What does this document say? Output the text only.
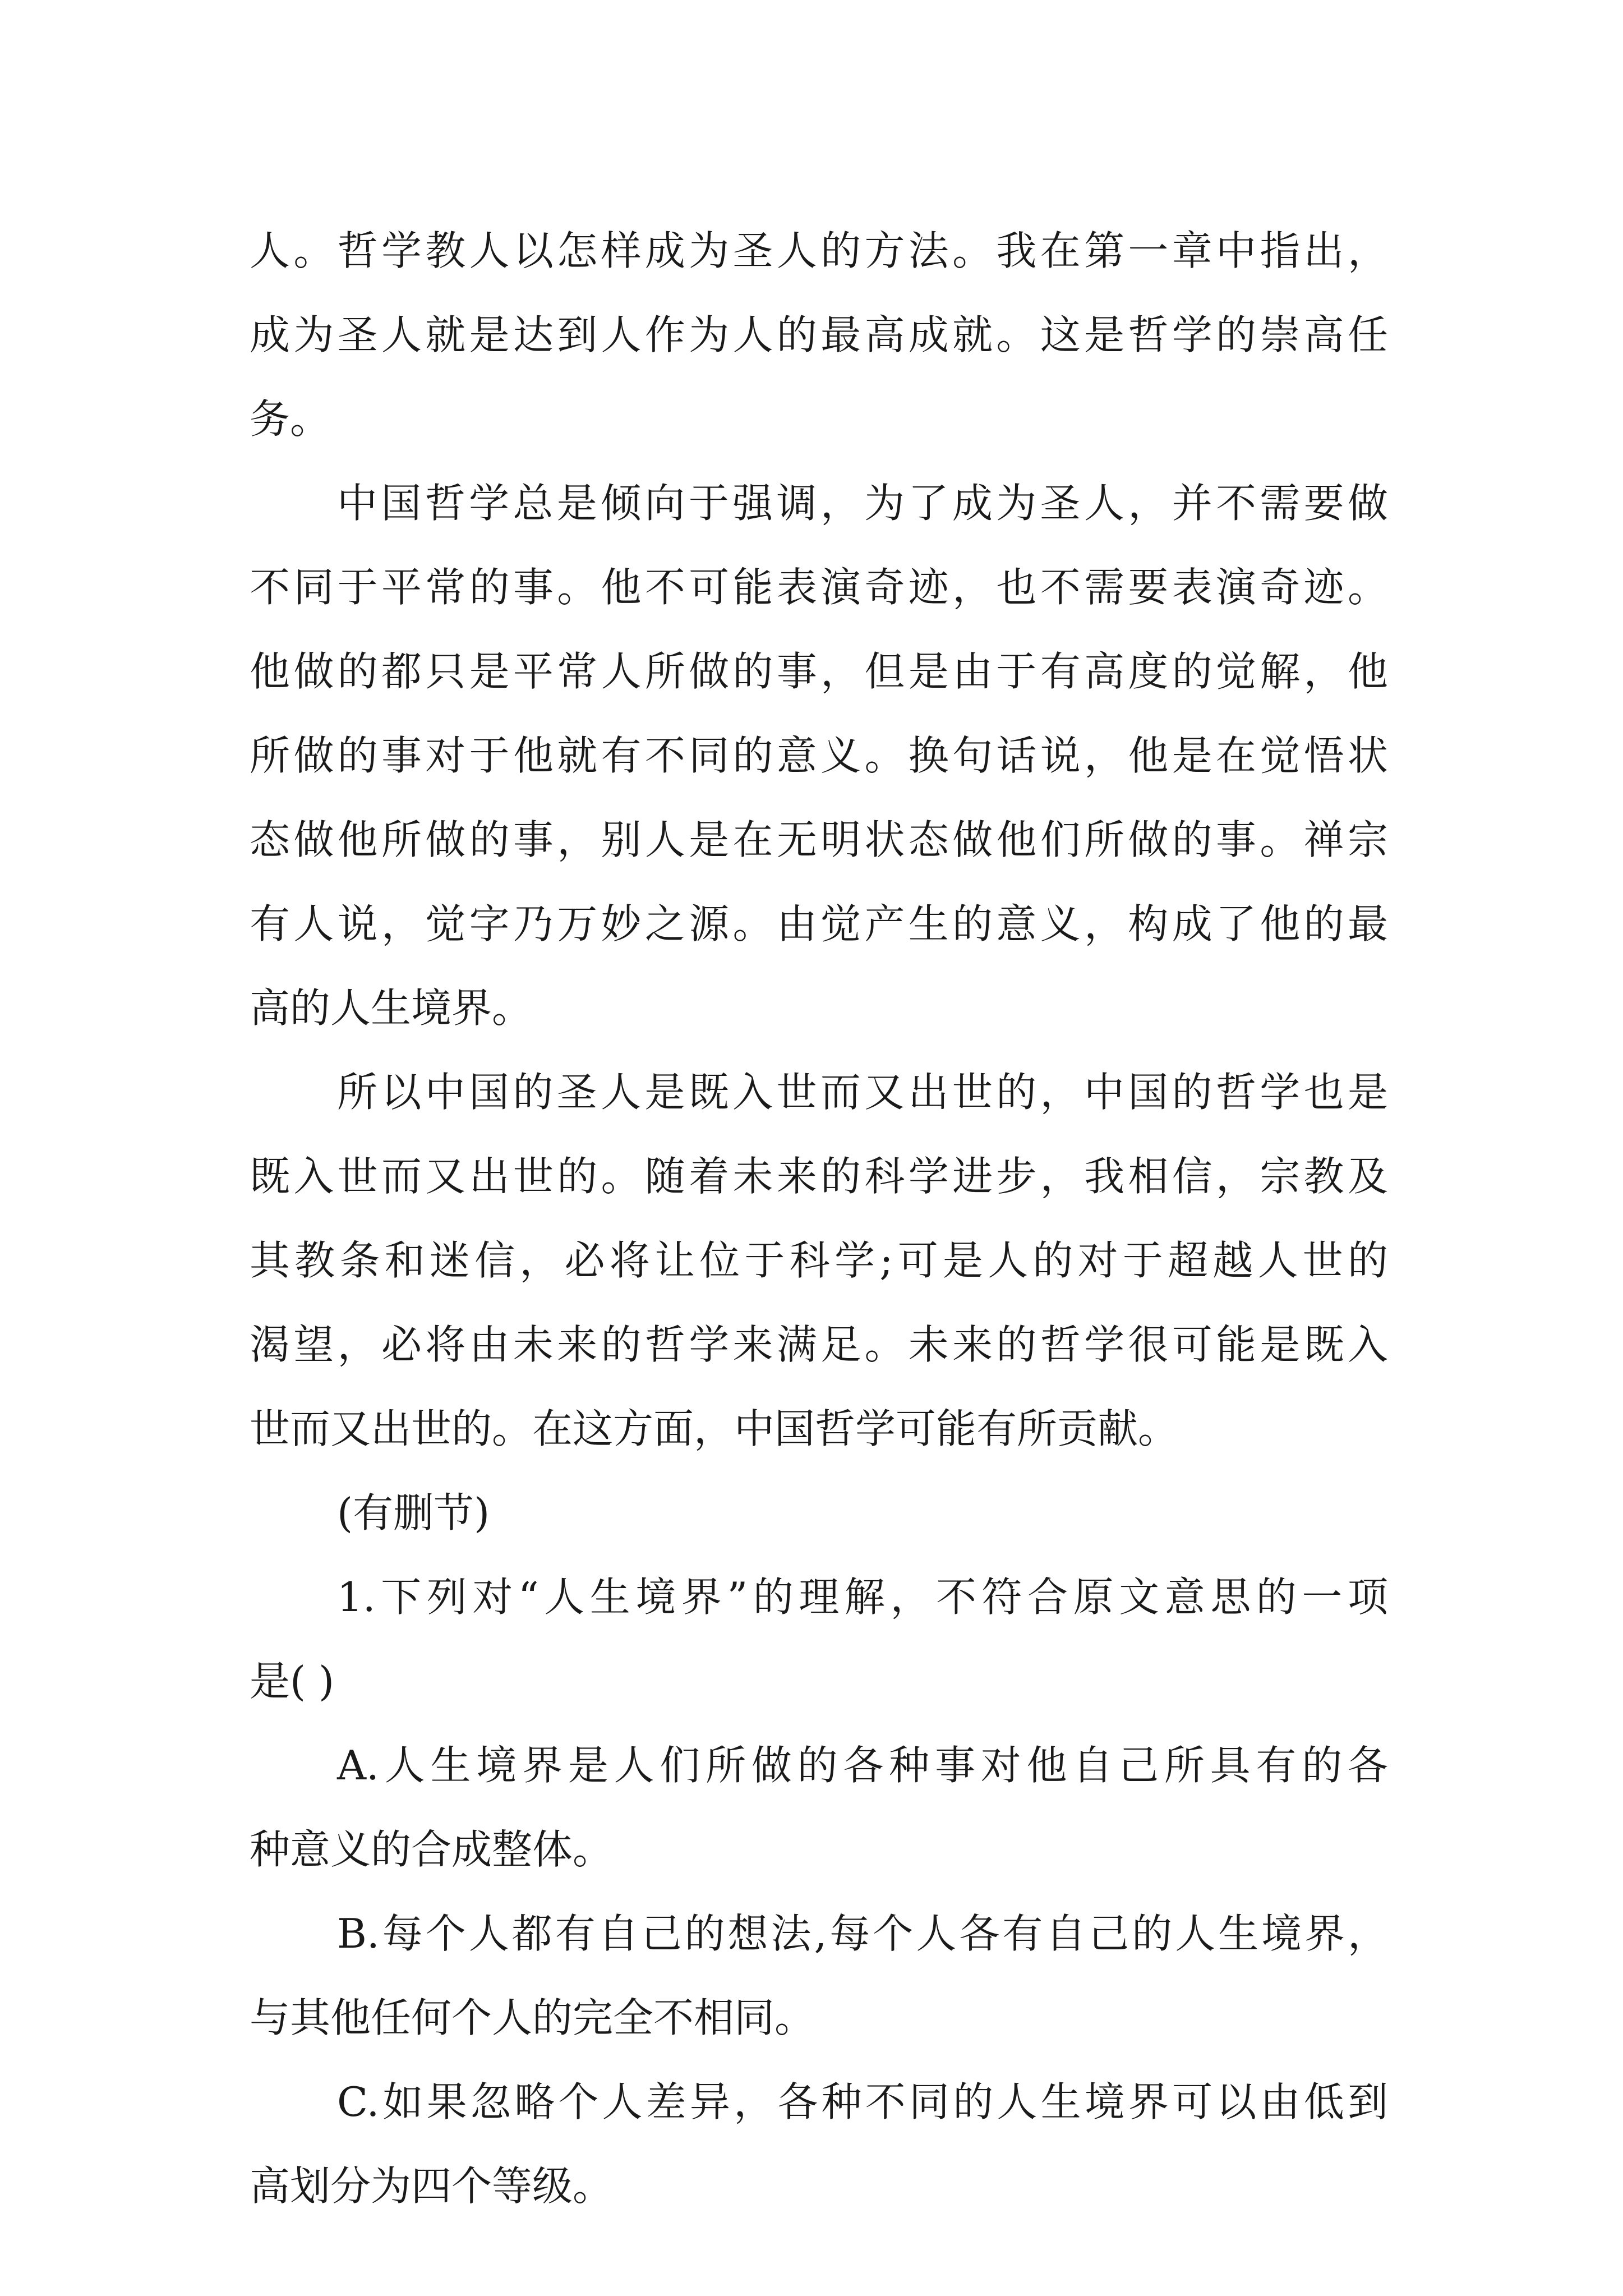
人。哲学教人以怎样成为圣人的方法。我在第一章中指出，
成为圣人就是达到人作为人的最高成就。这是哲学的崇高任
务。
中国哲学总是倾向于强调，为了成为圣人，并不需要做
不同于平常的事。他不可能表演奇迹，也不需要表演奇迹。
他做的都只是平常人所做的事，但是由于有高度的觉解，他
所做的事对于他就有不同的意义。换句话说，他是在觉悟状
态做他所做的事，别人是在无明状态做他们所做的事。禅宗
有人说，觉字乃万妙之源。由觉产生的意义，构成了他的最
高的人生境界。
所以中国的圣人是既入世而又出世的，中国的哲学也是
既入世而又出世的。随着未来的科学进步，我相信，宗教及
其教条和迷信，必将让位于科学;可是人的对于超越人世的
渴望，必将由未来的哲学来满足。未来的哲学很可能是既入
世而又出世的。在这方面，中国哲学可能有所贡献。
(有删节)
1.下列对“人生境界”的理解，不符合原文意思的一项
是( )
A.人生境界是人们所做的各种事对他自己所具有的各
种意义的合成整体。
B.每个人都有自己的想法,每个人各有自己的人生境界，
与其他任何个人的完全不相同。
C.如果忽略个人差异，各种不同的人生境界可以由低到
高划分为四个等级。
